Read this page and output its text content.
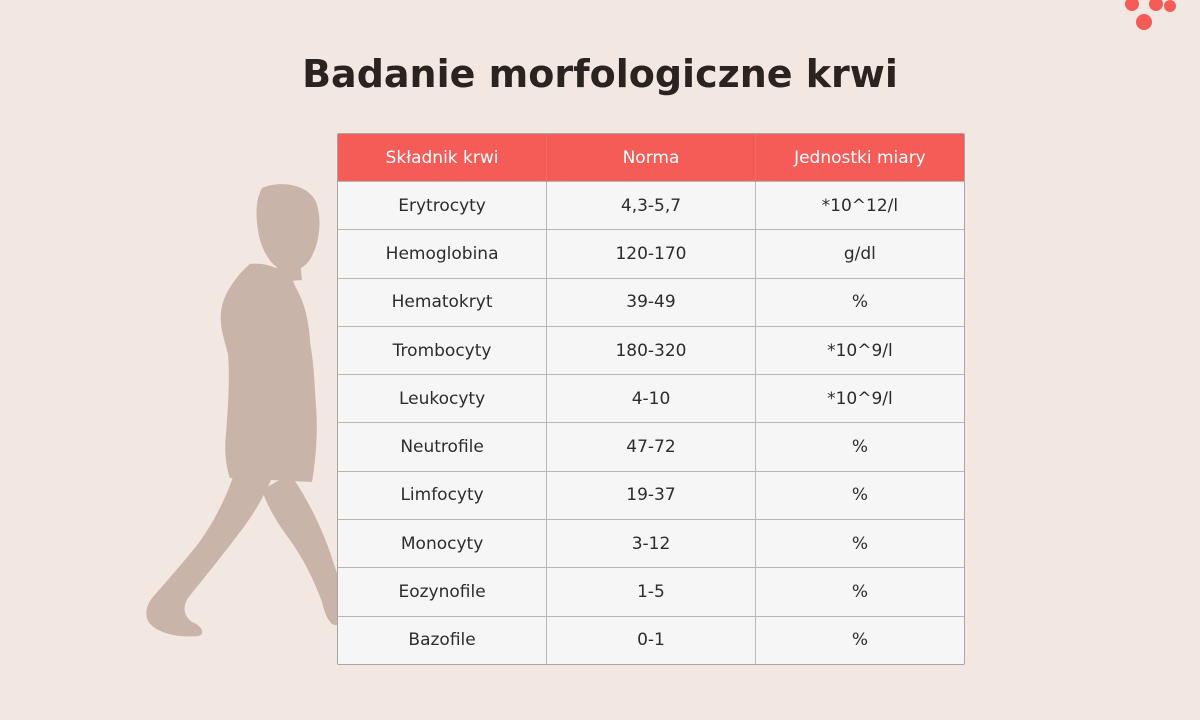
Badanie morfologiczne krwi
Składnik krwi	Norma	Jednostki miary
Erytrocyty	4,3-5,7	*10^12/l
Hemoglobina	120-170	g/dl
Hematokryt	39-49	%
Trombocyty	180-320	*10^9/l
Leukocyty	4-10	*10^9/l
Neutrofile	47-72	%
Limfocyty	19-37	%
Monocyty	3-12	%
Eozynofile	1-5	%
Bazofile	0-1	%
